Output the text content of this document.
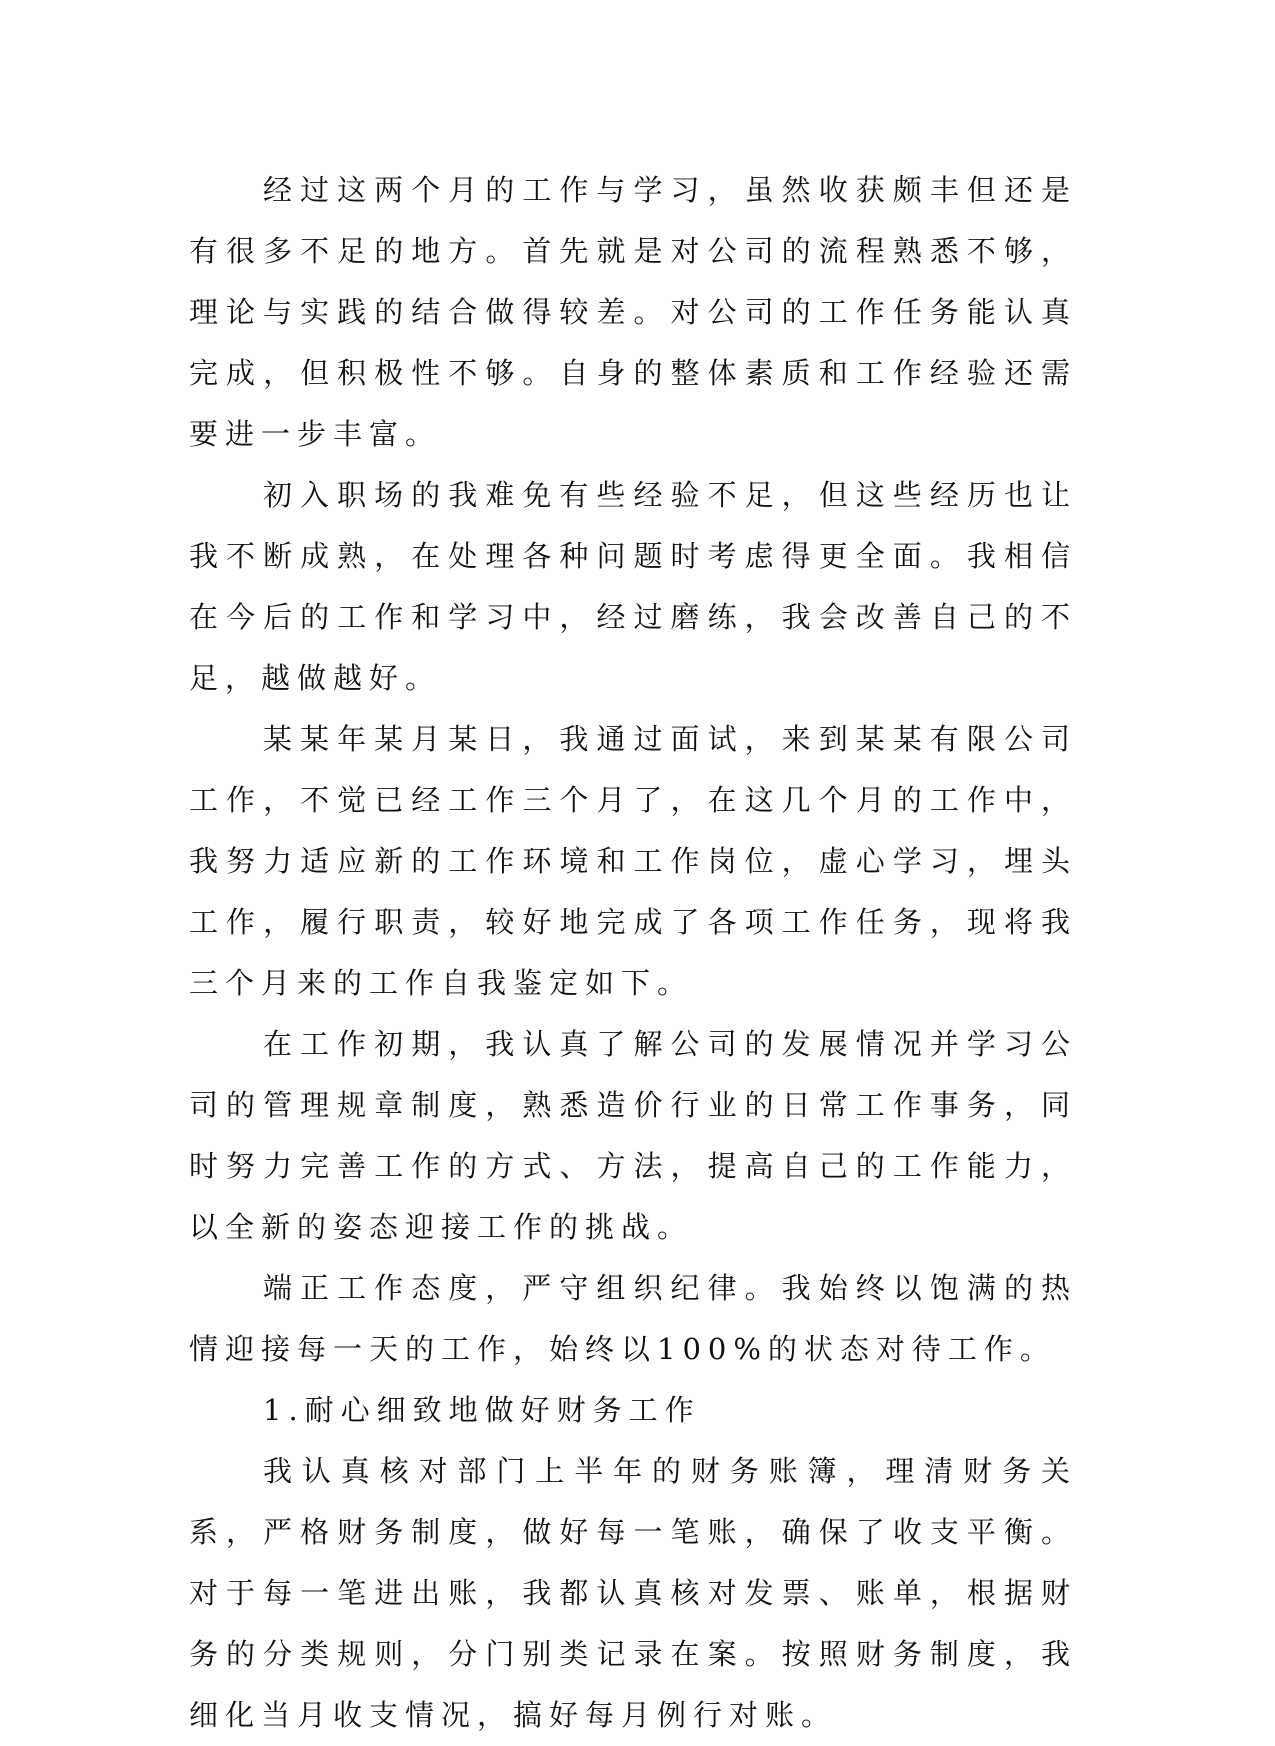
经过这两个月的工作与学习，虽然收获颇丰但还是有很多不足的地方。首先就是对公司的流程熟悉不够，理论与实践的结合做得较差。对公司的工作任务能认真完成，但积极性不够。自身的整体素质和工作经验还需要进一步丰富。

初入职场的我难免有些经验不足，但这些经历也让我不断成熟，在处理各种问题时考虑得更全面。我相信在今后的工作和学习中，经过磨练，我会改善自己的不足，越做越好。

某某年某月某日，我通过面试，来到某某有限公司工作，不觉已经工作三个月了，在这几个月的工作中，我努力适应新的工作环境和工作岗位，虚心学习，埋头工作，履行职责，较好地完成了各项工作任务，现将我三个月来的工作自我鉴定如下。

在工作初期，我认真了解公司的发展情况并学习公司的管理规章制度，熟悉造价行业的日常工作事务，同时努力完善工作的方式、方法，提高自己的工作能力，以全新的姿态迎接工作的挑战。

端正工作态度，严守组织纪律。我始终以饱满的热情迎接每一天的工作，始终以100%的状态对待工作。

1.耐心细致地做好财务工作

我认真核对部门上半年的财务账簿，理清财务关系，严格财务制度，做好每一笔账，确保了收支平衡。对于每一笔进出账，我都认真核对发票、账单，根据财务的分类规则，分门别类记录在案。按照财务制度，我细化当月收支情况，搞好每月例行对账。
